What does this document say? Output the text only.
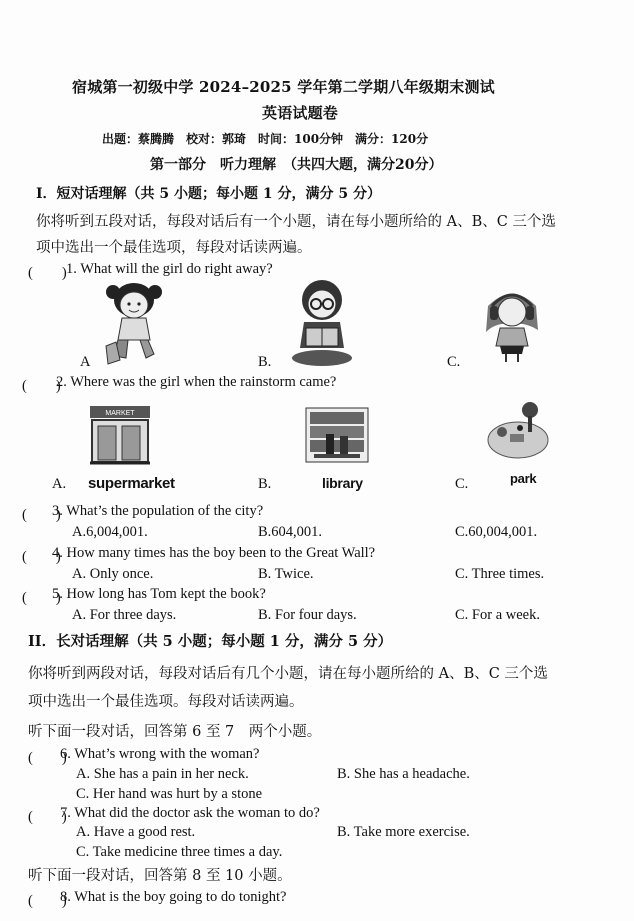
宿城第一初级中学 2024–2025 学年第二学期八年级期末测试
英语试题卷
出题：蔡腾腾　校对：郭琦　时间：100分钟　满分：120分
第一部分　听力理解　（共四大题，满分20分）
I．短对话理解（共 5 小题；每小题 1 分，满分 5 分）
你将听到五段对话，每段对话后有一个小题，请在每小题所给的 A、B、C 三个选
项中选出一个最佳选项，每段对话读两遍。
(　　) 1. What will the girl do right away?
A	B.	C.
(　　)
2. Where was the girl when the rainstorm came?
MARKET
A. supermarket	B.	library	C.	park
(　　)
3. What’s the population of the city?
A.6,004,001.	B.604,001.	C.60,004,001.
(　　)
4. How many times has the boy been to the Great Wall?
A. Only once.	B. Twice.	C. Three times.
(　　)
5. How long has Tom kept the book?
A. For three days.	B. For four days.	C. For a week.
II．长对话理解（共 5 小题；每小题 1 分，满分 5 分）
你将听到两段对话，每段对话后有几个小题，请在每小题所给的 A、B、C 三个选
项中选出一个最佳选项。每段对话读两遍。
听下面一段对话，回答第 6 至 7　两个小题。
(　　)
6. What’s wrong with the woman?
A. She has a pain in her neck.	B. She has a headache.
C. Her hand was hurt by a stone
(　　)
7. What did the doctor ask the woman to do?
A. Have a good rest.	B. Take more exercise.
C. Take medicine three times a day.
听下面一段对话，回答第 8 至 10 小题。
(　　)
8. What is the boy going to do tonight?
